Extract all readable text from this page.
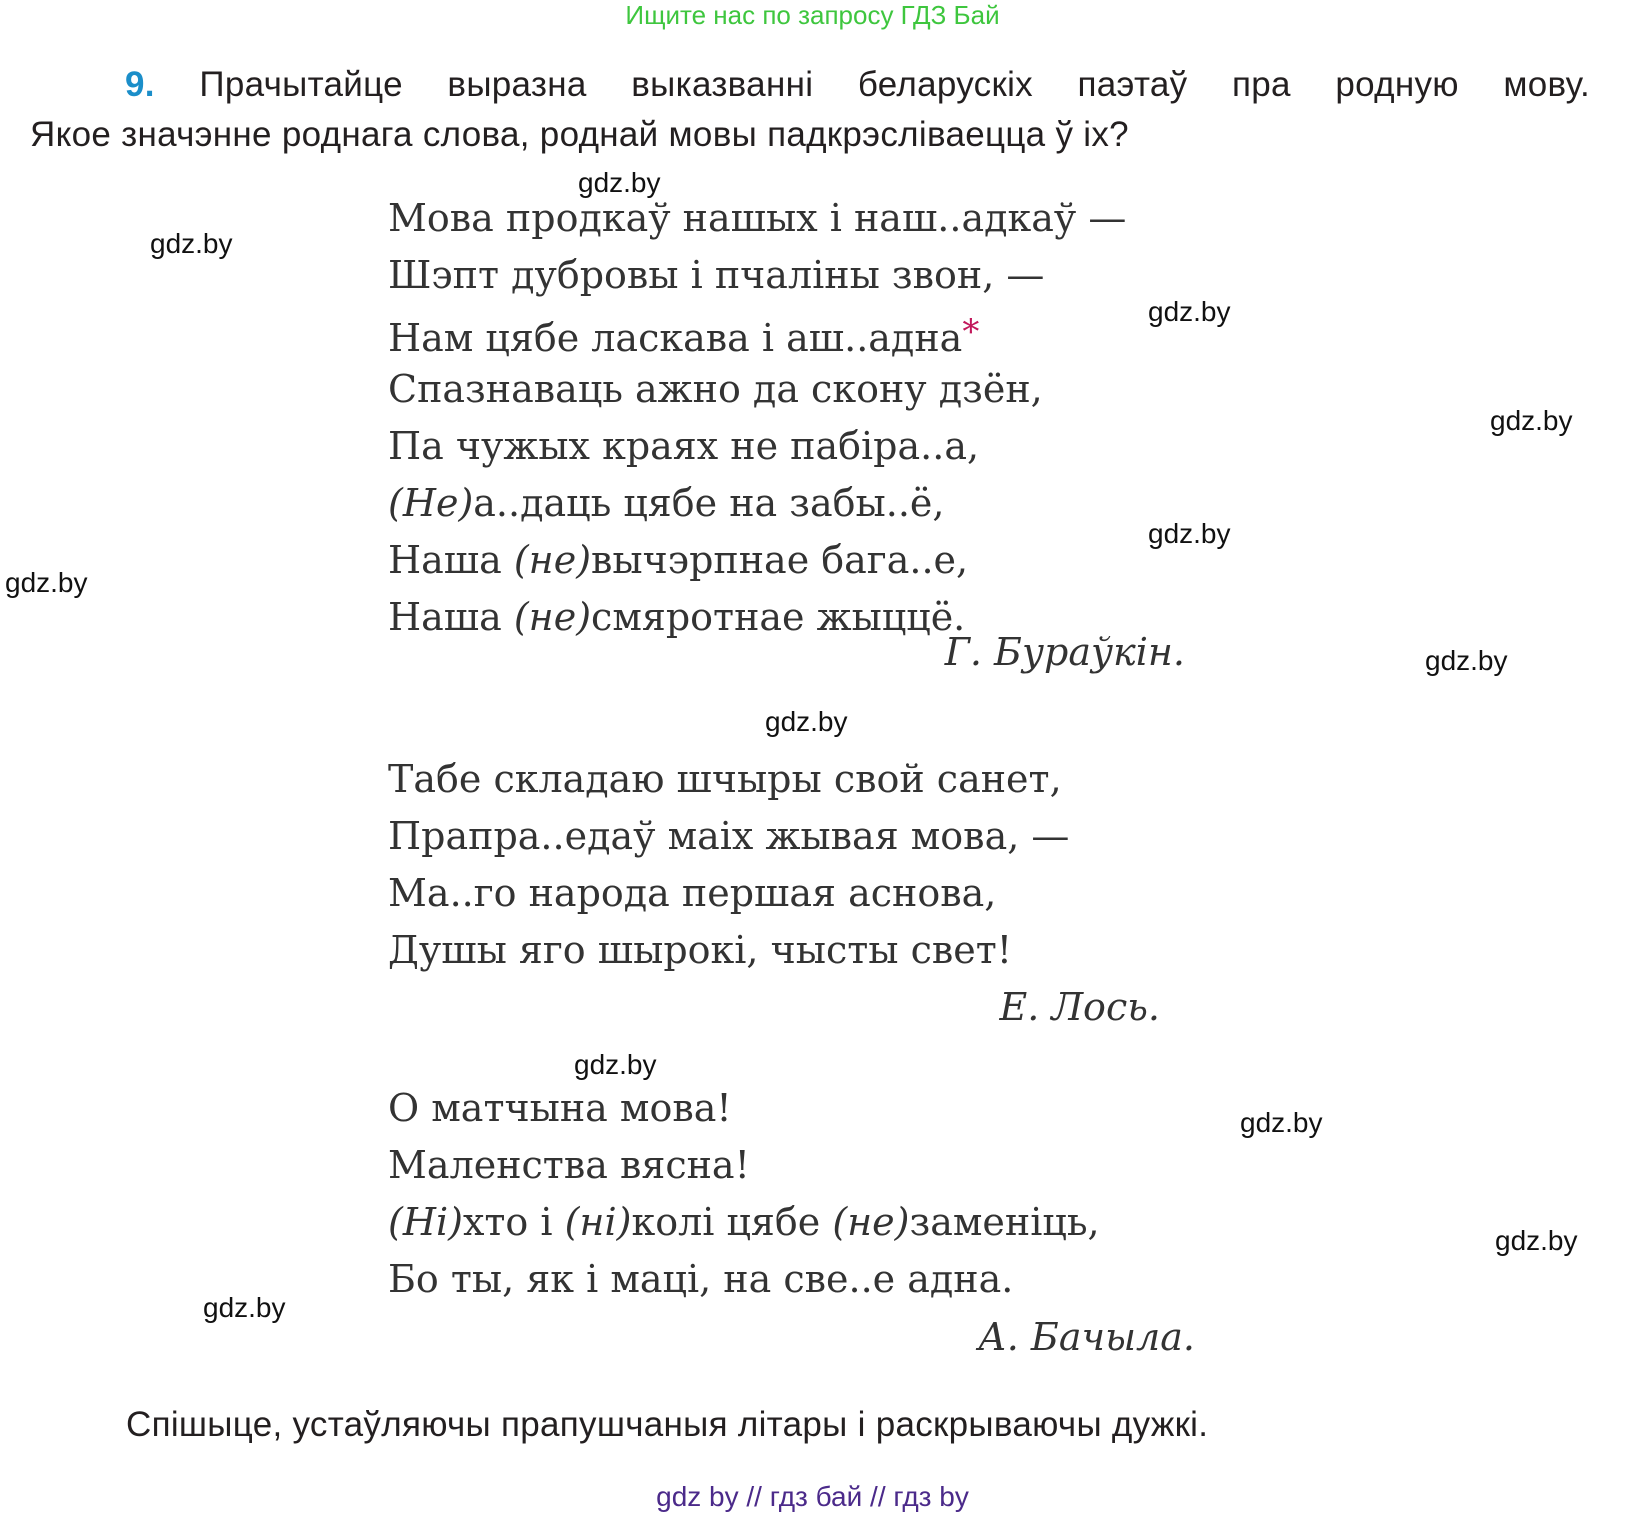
Ищите нас по запросу ГДЗ Бай
9. Прачытайце выразна выказванні беларускіх паэтаў пра родную мову.
Якое значэнне роднага слова, роднай мовы падкрэсліваецца ў іх?
Мова продкаў нашых і наш..адкаў —
Шэпт дубровы і пчаліны звон, —
Нам цябе ласкава і аш..адна*
Спазнаваць ажно да скону дзён,
Па чужых краях не пабіра..а,
(Не)а..даць цябе на забы..ё,
Наша (не)вычэрпнае бага..е,
Наша (не)смяротнае жыццё.
Г. Бураўкін.
Табе складаю шчыры свой санет,
Прапра..едаў маіх жывая мова, —
Ма..го народа першая аснова,
Душы яго шырокі, чысты свет!
Е. Лось.
О матчына мова!
Маленства вясна!
(Ні)хто і (ні)колі цябе (не)заменіць,
Бо ты, як і маці, на све..е адна.
А. Бачыла.
Спішыце, устаўляючы прапушчаныя літары і раскрываючы дужкі.
gdz.by
gdz.by
gdz.by
gdz.by
gdz.by
gdz.by
gdz.by
gdz.by
gdz.by
gdz.by
gdz.by
gdz.by
gdz by // гдз бай // гдз by
